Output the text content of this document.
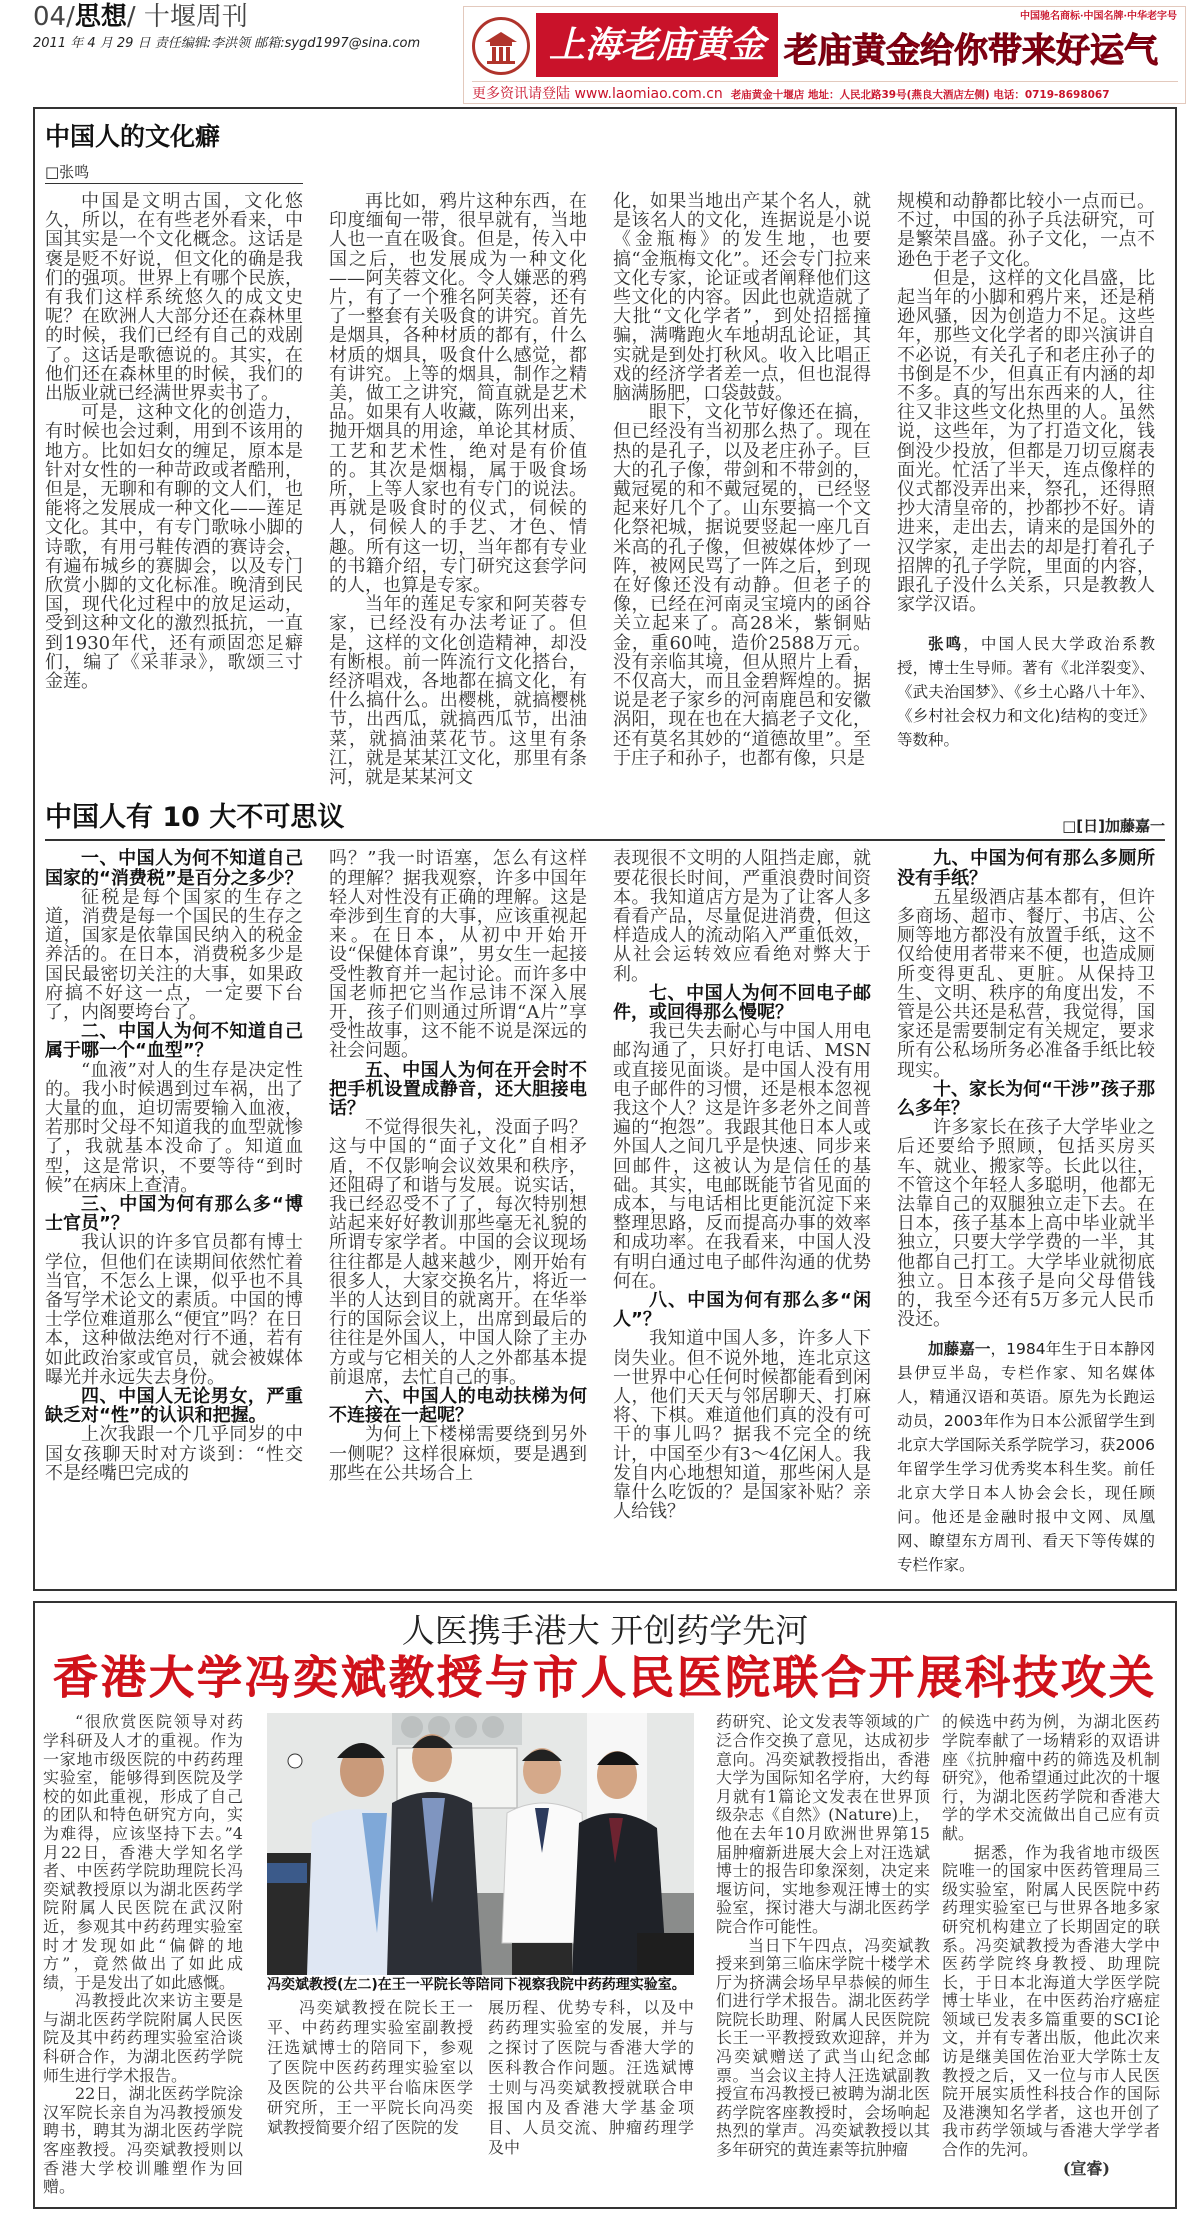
04/思想/ 十堰周刊
2011 年 4 月 29 日 责任编辑:李洪领 邮箱:sygd1997@sina.com	上海老庙黄金
中国驰名商标·中国名牌·中华老字号
老庙黄金给你带来好运气
更多资讯请登陆 www.laomiao.com.cn 老庙黄金十堰店 地址：人民北路39号(燕良大酒店左侧) 电话：0719-8698067
中国人的文化癖
□张鸣

中国是文明古国，文化悠久，所以，在有些老外看来，中国其实是一个文化概念。这话是褒是贬不好说，但文化的确是我们的强项。世界上有哪个民族，有我们这样系统悠久的成文史呢？在欧洲人大部分还在森林里的时候，我们已经有自己的戏剧了。这话是歌德说的。其实，在他们还在森林里的时候，我们的出版业就已经满世界卖书了。

可是，这种文化的创造力，有时候也会过剩，用到不该用的地方。比如妇女的缠足，原本是针对女性的一种苛政或者酷刑，但是，无聊和有聊的文人们，也能将之发展成一种文化——莲足文化。其中，有专门歌咏小脚的诗歌，有用弓鞋传酒的赛诗会，有遍布城乡的赛脚会，以及专门欣赏小脚的文化标准。晚清到民国，现代化过程中的放足运动，受到这种文化的激烈抵抗，一直到1930年代，还有顽固恋足癖们，编了《采菲录》，歌颂三寸金莲。

再比如，鸦片这种东西，在印度缅甸一带，很早就有，当地人也一直在吸食。但是，传入中国之后，也发展成为一种文化——阿芙蓉文化。令人嫌恶的鸦片，有了一个雅名阿芙蓉，还有了一整套有关吸食的讲究。首先是烟具，各种材质的都有，什么材质的烟具，吸食什么感觉，都有讲究。上等的烟具，制作之精美，做工之讲究，简直就是艺术品。如果有人收藏，陈列出来，抛开烟具的用途，单论其材质、工艺和艺术性，绝对是有价值的。其次是烟榻，属于吸食场所，上等人家也有专门的说法。再就是吸食时的仪式，伺候的人，伺候人的手艺、才色、情趣。所有这一切，当年都有专业的书籍介绍，专门研究这套学问的人，也算是专家。

当年的莲足专家和阿芙蓉专家，已经没有办法考证了。但是，这样的文化创造精神，却没有断根。前一阵流行文化搭台，经济唱戏，各地都在搞文化，有什么搞什么。出樱桃，就搞樱桃节，出西瓜，就搞西瓜节，出油菜，就搞油菜花节。这里有条江，就是某某江文化，那里有条河，就是某某河文

化，如果当地出产某个名人，就是该名人的文化，连据说是小说《金瓶梅》的发生地，也要搞“金瓶梅文化”。还会专门拉来文化专家，论证或者阐释他们这些文化的内容。因此也就造就了大批“文化学者”，到处招摇撞骗，满嘴跑火车地胡乱论证，其实就是到处打秋风。收入比唱正戏的经济学者差一点，但也混得脑满肠肥，口袋鼓鼓。

眼下，文化节好像还在搞，但已经没有当初那么热了。现在热的是孔子，以及老庄孙子。巨大的孔子像，带剑和不带剑的，戴冠冕的和不戴冠冕的，已经竖起来好几个了。山东要搞一个文化祭祀城，据说要竖起一座几百米高的孔子像，但被媒体炒了一阵，被网民骂了一阵之后，到现在好像还没有动静。但老子的像，已经在河南灵宝境内的函谷关立起来了。高28米，紫铜贴金，重60吨，造价2588万元。没有亲临其境，但从照片上看，不仅高大，而且金碧辉煌的。据说是老子家乡的河南鹿邑和安徽涡阳，现在也在大搞老子文化，还有莫名其妙的“道德故里”。至于庄子和孙子，也都有像，只是

规模和动静都比较小一点而已。不过，中国的孙子兵法研究，可是繁荣昌盛。孙子文化，一点不逊色于老子文化。

但是，这样的文化昌盛，比起当年的小脚和鸦片来，还是稍逊风骚，因为创造力不足。这些年，那些文化学者的即兴演讲自不必说，有关孔子和老庄孙子的书倒是不少，但真正有内涵的却不多。真的写出东西来的人，往往又非这些文化热里的人。虽然说，这些年，为了打造文化，钱倒没少投放，但都是刀切豆腐表面光。忙活了半天，连点像样的仪式都没弄出来，祭孔，还得照抄大清皇帝的，抄都抄不好。请进来，走出去，请来的是国外的汉学家，走出去的却是打着孔子招牌的孔子学院，里面的内容，跟孔子没什么关系，只是教教人家学汉语。

张鸣，中国人民大学政治系教授，博士生导师。著有《北洋裂变》、《武夫治国梦》、《乡土心路八十年》、《乡村社会权力和文化)结构的变迁》等数种。
中国人有 10 大不可思议	□[日]加藤嘉一
一、中国人为何不知道自己国家的“消费税”是百分之多少？

征税是每个国家的生存之道，消费是每一个国民的生存之道，国家是依靠国民纳入的税金养活的。在日本，消费税多少是国民最密切关注的大事，如果政府搞不好这一点，一定要下台了，内阁要垮台了。

二、中国人为何不知道自己属于哪一个“血型”？

“血液”对人的生存是决定性的。我小时候遇到过车祸，出了大量的血，迫切需要输入血液，若那时父母不知道我的血型就惨了，我就基本没命了。知道血型，这是常识，不要等待“到时候”在病床上查清。

三、中国为何有那么多“博士官员”？

我认识的许多官员都有博士学位，但他们在读期间依然忙着当官，不怎么上课，似乎也不具备写学术论文的素质。中国的博士学位难道那么“便宜”吗？在日本，这种做法绝对行不通，若有如此政治家或官员，就会被媒体曝光并永远失去身份。

四、中国人无论男女，严重缺乏对“性”的认识和把握。

上次我跟一个几乎同岁的中国女孩聊天时对方谈到：“性交不是经嘴巴完成的

吗？”我一时语塞，怎么有这样的理解？据我观察，许多中国年轻人对性没有正确的理解。这是牵涉到生育的大事，应该重视起来。在日本，从初中开始开设“保健体育课”，男女生一起接受性教育并一起讨论。而许多中国老师把它当作忌讳不深入展开，孩子们则通过所谓“A片”享受性故事，这不能不说是深远的社会问题。

五、中国人为何在开会时不把手机设置成静音，还大胆接电话？

不觉得很失礼，没面子吗？这与中国的“面子文化”自相矛盾，不仅影响会议效果和秩序，还阻碍了和谐与发展。说实话，我已经忍受不了了，每次特别想站起来好好教训那些毫无礼貌的所谓专家学者。中国的会议现场往往都是人越来越少，刚开始有很多人，大家交换名片，将近一半的人达到目的就离开。在华举行的国际会议上，出席到最后的往往是外国人，中国人除了主办方或与它相关的人之外都基本提前退席，去忙自己的事。

六、中国人的电动扶梯为何不连接在一起呢？

为何上下楼梯需要绕到另外一侧呢？这样很麻烦，要是遇到那些在公共场合上

表现很不文明的人阻挡走廊，就要花很长时间，严重浪费时间资本。我知道店方是为了让客人多看看产品，尽量促进消费，但这样造成人的流动陷入严重低效，从社会运转效应看绝对弊大于利。

七、中国人为何不回电子邮件，或回得那么慢呢？

我已失去耐心与中国人用电邮沟通了，只好打电话、MSN或直接见面谈。是中国人没有用电子邮件的习惯，还是根本忽视我这个人？这是许多老外之间普遍的“抱怨”。我跟其他日本人或外国人之间几乎是快速、同步来回邮件，这被认为是信任的基础。其实，电邮既能节省见面的成本，与电话相比更能沉淀下来整理思路，反而提高办事的效率和成功率。在我看来，中国人没有明白通过电子邮件沟通的优势何在。

八、中国为何有那么多“闲人”？

我知道中国人多，许多人下岗失业。但不说外地，连北京这一世界中心任何时候都能看到闲人，他们天天与邻居聊天、打麻将、下棋。难道他们真的没有可干的事儿吗？据我不完全的统计，中国至少有3～4亿闲人。我发自内心地想知道，那些闲人是靠什么吃饭的？是国家补贴？亲人给钱？

九、中国为何有那么多厕所没有手纸？

五星级酒店基本都有，但许多商场、超市、餐厅、书店、公厕等地方都没有放置手纸，这不仅给使用者带来不便，也造成厕所变得更乱、更脏。从保持卫生、文明、秩序的角度出发，不管是公共还是私营，我觉得，国家还是需要制定有关规定，要求所有公私场所务必准备手纸比较现实。

十、家长为何“干涉”孩子那么多年？

许多家长在孩子大学毕业之后还要给予照顾，包括买房买车、就业、搬家等。长此以往，不管这个年轻人多聪明，他都无法靠自己的双腿独立走下去。在日本，孩子基本上高中毕业就半独立，只要大学学费的一半，其他都自己打工。大学毕业就彻底独立。日本孩子是向父母借钱的，我至今还有5万多元人民币没还。

加藤嘉一，1984年生于日本静冈县伊豆半岛，专栏作家、知名媒体人，精通汉语和英语。原先为长跑运动员，2003年作为日本公派留学生到北京大学国际关系学院学习，获2006年留学生学习优秀奖本科生奖。前任北京大学日本人协会会长，现任顾问。他还是金融时报中文网、凤凰网、瞭望东方周刊、看天下等传媒的专栏作家。
人医携手港大 开创药学先河
香港大学冯奕斌教授与市人民医院联合开展科技攻关

“很欣赏医院领导对药学科研及人才的重视。作为一家地市级医院的中药药理实验室，能够得到医院及学校的如此重视，形成了自己的团队和特色研究方向，实为难得，应该坚持下去。”4月22日，香港大学知名学者、中医药学院助理院长冯奕斌教授原以为湖北医药学院附属人民医院在武汉附近，参观其中药药理实验室时才发现如此“偏僻的地方”，竟然做出了如此成绩，于是发出了如此感慨。

冯教授此次来访主要是与湖北医药学院附属人民医院及其中药药理实验室洽谈科研合作，为湖北医药学院师生进行学术报告。

22日，湖北医药学院涂汉军院长亲自为冯教授颁发聘书，聘其为湖北医药学院客座教授。冯奕斌教授则以香港大学校训雕塑作为回赠。

冯奕斌教授(左二)在王一平院长等陪同下视察我院中药药理实验室。

冯奕斌教授在院长王一平、中药药理实验室副教授汪选斌博士的陪同下，参观了医院中医药药理实验室以及医院的公共平台临床医学研究所，王一平院长向冯奕斌教授简要介绍了医院的发

展历程、优势专科，以及中药药理实验室的发展，并与之探讨了医院与香港大学的医科教合作问题。汪选斌博士则与冯奕斌教授就联合申报国内及香港大学基金项目、人员交流、肿瘤药理学及中

药研究、论文发表等领域的广泛合作交换了意见，达成初步意向。冯奕斌教授指出，香港大学为国际知名学府，大约每月就有1篇论文发表在世界顶级杂志《自然》(Nature)上，他在去年10月欧洲世界第15届肿瘤新进展大会上对汪选斌博士的报告印象深刻，决定来堰访问，实地参观汪博士的实验室，探讨港大与湖北医药学院合作可能性。

当日下午四点，冯奕斌教授来到第三临床学院十楼学术厅为挤满会场早早恭候的师生们进行学术报告。湖北医药学院院长助理、附属人民医院院长王一平教授致欢迎辞，并为冯奕斌赠送了武当山纪念邮票。当会议主持人汪选斌副教授宣布冯教授已被聘为湖北医药学院客座教授时，会场响起热烈的掌声。冯奕斌教授以其多年研究的黄连素等抗肿瘤

的候选中药为例，为湖北医药学院奉献了一场精彩的双语讲座《抗肿瘤中药的筛选及机制研究》，他希望通过此次的十堰行，为湖北医药学院和香港大学的学术交流做出自己应有贡献。

据悉，作为我省地市级医院唯一的国家中医药管理局三级实验室，附属人民医院中药药理实验室已与世界各地多家研究机构建立了长期固定的联系。冯奕斌教授为香港大学中医药学院终身教授、助理院长，于日本北海道大学医学院博士毕业，在中医药治疗癌症领域已发表多篇重要的SCI论文，并有专著出版，他此次来访是继美国佐治亚大学陈士友教授之后，又一位与市人民医院开展实质性科技合作的国际及港澳知名学者，这也开创了我市药学领域与香港大学学者合作的先河。

(宣睿)
